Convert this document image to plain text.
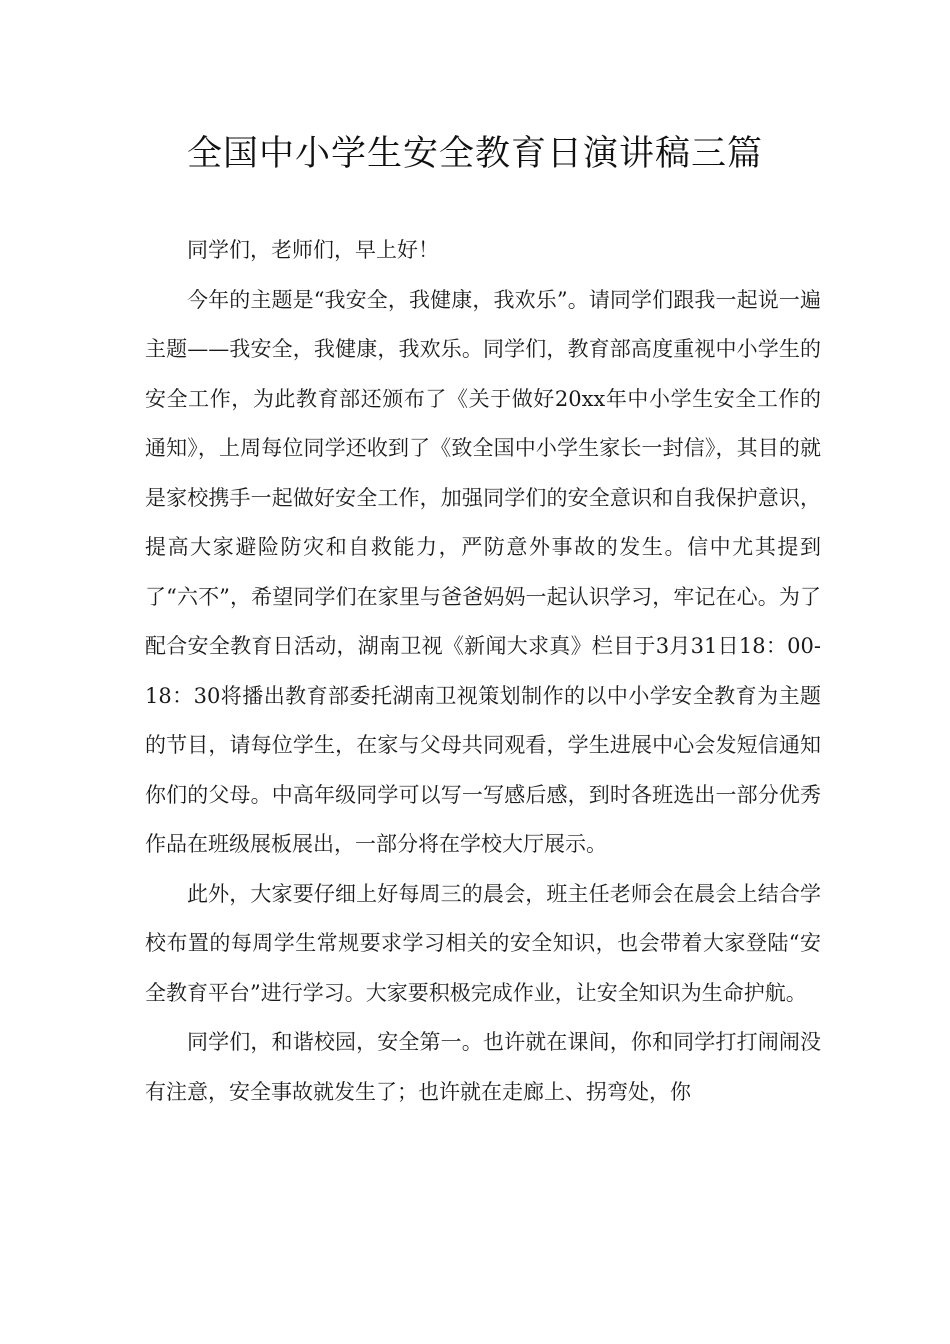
全国中小学生安全教育日演讲稿三篇

同学们，老师们，早上好！

今年的主题是“我安全，我健康，我欢乐”。请同学们跟我一起说一遍主题——我安全，我健康，我欢乐。同学们，教育部高度重视中小学生的安全工作，为此教育部还颁布了《关于做好20xx年中小学生安全工作的通知》，上周每位同学还收到了《致全国中小学生家长一封信》，其目的就是家校携手一起做好安全工作，加强同学们的安全意识和自我保护意识，提高大家避险防灾和自救能力，严防意外事故的发生。信中尤其提到了“六不”，希望同学们在家里与爸爸妈妈一起认识学习，牢记在心。为了配合安全教育日活动，湖南卫视《新闻大求真》栏目于3月31日18：00-18：30将播出教育部委托湖南卫视策划制作的以中小学安全教育为主题的节目，请每位学生，在家与父母共同观看，学生进展中心会发短信通知你们的父母。中高年级同学可以写一写感后感，到时各班选出一部分优秀作品在班级展板展出，一部分将在学校大厅展示。

此外，大家要仔细上好每周三的晨会，班主任老师会在晨会上结合学校布置的每周学生常规要求学习相关的安全知识，也会带着大家登陆“安全教育平台”进行学习。大家要积极完成作业，让安全知识为生命护航。

同学们，和谐校园，安全第一。也许就在课间，你和同学打打闹闹没有注意，安全事故就发生了；也许就在走廊上、拐弯处，你
